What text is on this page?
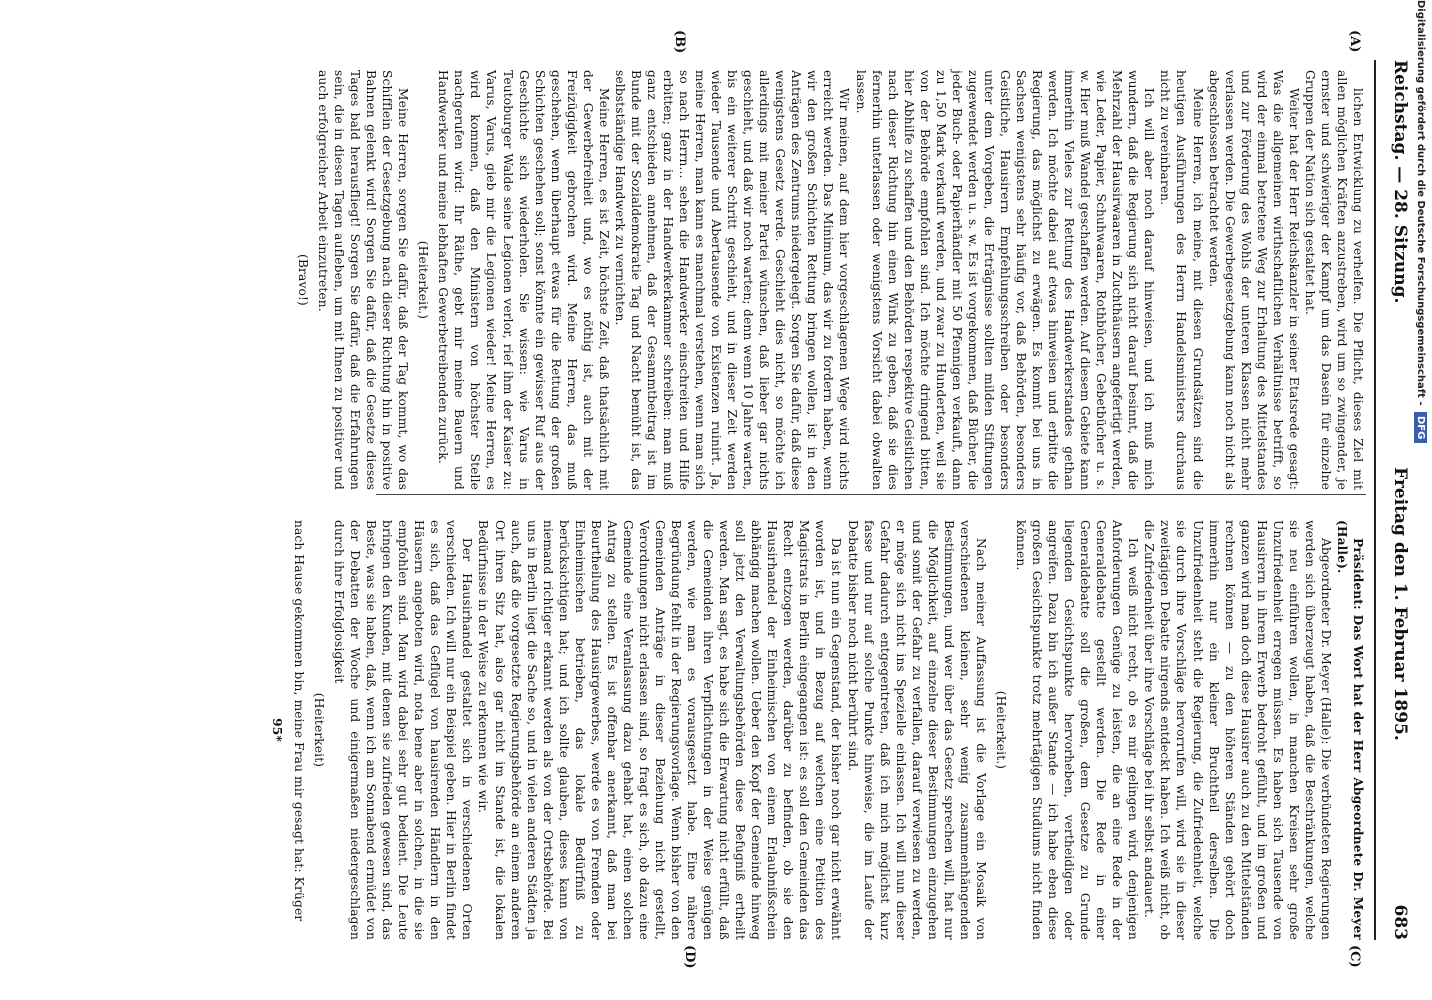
Reichstag. — 28. Sitzung.
Freitag den 1. Februar 1895.
683
(A)
(B)
(C)
(D)

lichen Entwicklung zu verhelfen. Die Pflicht, dieses Ziel mit allen möglichen Kräften anzustreben, wird um so zwingender, je ernster und schwieriger der Kampf um das Dasein für einzelne Gruppen der Nation sich gestaltet hat.

Weiter hat der Herr Reichskanzler in seiner Etatsrede gesagt: Was die allgemeinen wirthschaftlichen Verhältnisse betrifft, so wird der einmal betretene Weg zur Erhaltung des Mittelstandes und zur Förderung des Wohls der unteren Klassen nicht mehr verlassen werden. Die Gewerbegesetzgebung kann noch nicht als abgeschlossen betrachtet werden.

Meine Herren, ich meine, mit diesen Grundsätzen sind die heutigen Ausführungen des Herrn Handelsministers durchaus nicht zu vereinbaren.

Ich will aber noch darauf hinweisen, und ich muß mich wundern, daß die Regierung sich nicht darauf besinnt, daß die Mehrzahl der Hausirwaaren in Zuchthäusern angefertigt werden, wie Leder, Papier, Schuhwaaren, Rothbücher, Gebetbücher u. s. w. Hier muß Wandel geschaffen werden. Auf diesem Gebiete kann immerhin Vieles zur Rettung des Handwerkerstandes gethan werden. Ich möchte dabei auf etwas hinweisen und erbitte die Regierung, das möglichst zu erwägen. Es kommt bei uns in Sachsen wenigstens sehr häufig vor, daß Behörden, besonders Geistliche, Hausirern Empfehlungsschreiben oder besonders unter dem Vorgeben, die Erträgnisse sollten milden Stiftungen zugewendet werden u. s. w. Es ist vorgekommen, daß Bücher, die jeder Buch- oder Papierhändler mit 50 Pfennigen verkauft, dann zu 1,50 Mark verkauft werden, und zwar zu Hunderten, weil sie von der Behörde empfohlen sind. Ich möchte dringend bitten, hier Abhilfe zu schaffen und den Behörden respektive Geistlichen nach dieser Richtung hin einen Wink zu geben, daß sie dies fernerhin unterlassen oder wenigstens Vorsicht dabei obwalten lassen.

Wir meinen, auf dem hier vorgeschlagenen Wege wird nichts erreicht werden. Das Minimum, das wir zu fordern haben, wenn wir den großen Schichten Rettung bringen wollen, ist in den Anträgen des Zentrums niedergelegt. Sorgen Sie dafür, daß diese wenigstens Gesetz werde. Geschieht dies nicht, so möchte ich allerdings mit meiner Partei wünschen, daß lieber gar nichts geschieht, und daß wir noch warten; denn wenn 10 Jahre warten, bis ein weiterer Schritt geschieht, und in dieser Zeit werden wieder Tausende und Abertausende von Existenzen ruinirt. Ja, meine Herren, man kann es manchmal verstehen, wenn man sich so nach Herrn... sehen die Handwerker einschreiten und Hilfe erbitten; ganz in der Handwerkerkammer schreiben: man muß ganz entschieden annehmen, daß der Gesammtbeitrag ist im Bunde mit der Sozialdemokratie Tag und Nacht bemüht ist, das selbstständige Handwerk zu vernichten.

Meine Herren, es ist Zeit, höchste Zeit, daß thatsächlich mit der Gewerbefreiheit und, wo es nöthig ist, auch mit der Freizügigkeit gebrochen wird. Meine Herren, das muß geschehen, wenn überhaupt etwas für die Rettung der großen Schichten geschehen soll; sonst könnte ein gewisser Ruf aus der Geschichte sich wiederholen. Sie wissen: wie Varus in Teutoburger Walde seine Legionen verlor, rief ihm der Kaiser zu: Varus, Varus, gieb mir die Legionen wieder! Meine Herren, es wird kommen, daß den Ministern von höchster Stelle nachgerufen wird: Ihr Räthe, gebt mir meine Bauern und Handwerker und meine lebhaften Gewerbetreibenden zurück.

(Heiterkeit.)

Meine Herren, sorgen Sie dafür, daß der Tag kommt, wo das Schifflein der Gesetzgebung nach dieser Richtung hin in positive Bahnen gelenkt wird! Sorgen Sie dafür, daß die Gesetze dieses Tages bald herausfliegt! Sorgen Sie dafür, daß die Erfahrungen sein, die in diesen Tagen aufleben, um mit Ihnen zu positiver und auch erfolgreicher Arbeit einzutreten.

(Bravo!)

Präsident: Das Wort hat der Herr Abgeordnete Dr. Meyer (Halle).

Abgeordneter Dr. Meyer (Halle): Die verbündeten Regierungen werden sich überzeugt haben, daß die Beschränkungen, welche sie neu einführen wollen, in manchen Kreisen sehr große Unzufriedenheit erregen müssen. Es haben sich Tausende von Hausirern in ihrem Erwerb bedroht gefühlt, und im großen und ganzen wird man doch diese Hausirer auch zu den Mittelständen rechnen können — zu den höheren Ständen gehört doch immerhin nur ein kleiner Bruchtheil derselben. Die Unzufriedenheit steht die Regierung, die Zufriedenheit, welche sie durch ihre Vorschläge hervorrufen will, wird sie in dieser zweitägigen Debatte nirgends entdeckt haben. Ich weiß nicht, ob die Zufriedenheit über ihre Vorschläge bei ihr selbst andauert.

Ich weiß nicht recht, ob es mir gelingen wird, denjenigen Anforderungen Genüge zu leisten, die an eine Rede in der Generaldebatte gestellt werden. Die Rede in einer Generaldebatte soll die großen, dem Gesetze zu Grunde liegenden Gesichtspunkte hervorheben, vertheidigen oder angreifen. Dazu bin ich außer Stande — ich habe eben diese großen Gesichtspunkte trotz mehrtägigen Studiums nicht finden können.

(Heiterkeit.)

Nach meiner Auffassung ist die Vorlage ein Mosaik von verschiedenen kleinen, sehr wenig zusammenhängenden Bestimmungen, und wer über das Gesetz sprechen will, hat nur die Möglichkeit, auf einzelne dieser Bestimmungen einzugehen und somit der Gefahr zu verfallen, darauf verwiesen zu werden, er möge sich nicht ins Spezielle einlassen. Ich will nun dieser Gefahr dadurch entgegentreten, daß ich mich möglichst kurz fasse und nur auf solche Punkte hinweise, die im Laufe der Debatte bisher noch nicht berührt sind.

Da ist nun ein Gegenstand, der bisher noch gar nicht erwähnt worden ist, und in Bezug auf welchen eine Petition des Magistrats in Berlin eingegangen ist: es soll den Gemeinden das Recht entzogen werden, darüber zu befinden, ob sie den Hausirhandel der Einheimischen von einem Erlaubnißschein abhängig machen wollen. Ueber den Kopf der Gemeinde hinweg soll jetzt den Verwaltungsbehörden diese Befugniß ertheilt werden. Man sagt, es habe sich die Erwartung nicht erfüllt, daß die Gemeinden ihren Verpflichtungen in der Weise genügen werden, wie man es vorausgesetzt habe. Eine nähere Begründung fehlt in der Regierungsvorlage. Wenn bisher von den Gemeinden Anträge in dieser Beziehung nicht gestellt, Verordnungen nicht erlassen sind, so fragt es sich, ob dazu eine Gemeinde eine Veranlassung dazu gehabt hat, einen solchen Antrag zu stellen. Es ist offenbar anerkannt, daß man bei Beurtheilung des Hausirgewerbes, werde es von Fremden oder Einheimischen betrieben, das lokale Bedürfniß zu berücksichtigen hat; und ich sollte glauben, dieses kann von niemand richtiger erkannt werden als von der Ortsbehörde. Bei uns in Berlin liegt die Sache so, und in vielen anderen Städten ja auch, daß die vorgesetzte Regierungsbehörde an einem anderen Ort ihren Sitz hat, also gar nicht im Stande ist, die lokalen Bedürfnisse in der Weise zu erkennen wie wir.

Der Hausirhandel gestaltet sich in verschiedenen Orten verschieden. Ich will nur ein Beispiel geben. Hier in Berlin findet es sich, daß das Geflügel von hausirenden Händlern in den Häusern angeboten wird, nota bene aber in solchen, in die sie empfohlen sind. Man wird dabei sehr gut bedient. Die Leute bringen den Kunden, mit denen sie zufrieden gewesen sind, das Beste, was sie haben, daß, wenn ich am Sonnabend ermüdet von der Debatten der Woche und einigermaßen niedergeschlagen durch ihre Erfolglosigkeit

(Heiterkeit)

nach Hause gekommen bin, meine Frau mir gesagt hat: Krüger

95*

Digitalisierung gefördert durch die Deutsche Forschungsgemeinschaft - DFG
